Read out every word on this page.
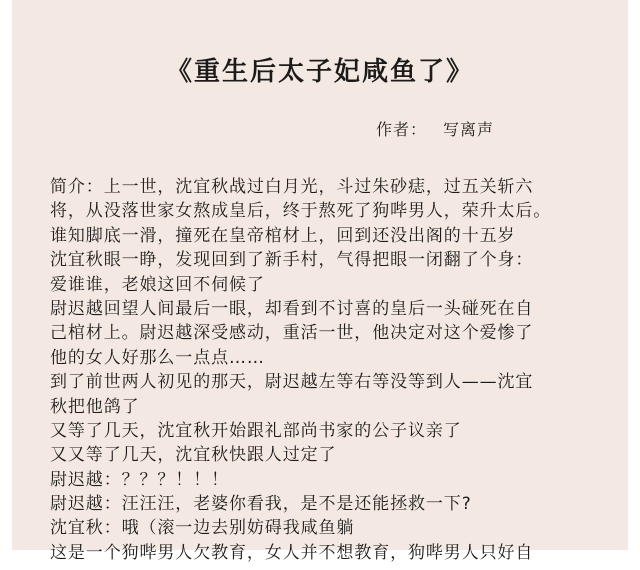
《重生后太子妃咸鱼了》
作者： 写离声
简介：上一世，沈宜秋战过白月光，斗过朱砂痣，过五关斩六
将，从没落世家女熬成皇后，终于熬死了狗哔男人，荣升太后。
谁知脚底一滑，撞死在皇帝棺材上，回到还没出阁的十五岁
沈宜秋眼一睁，发现回到了新手村，气得把眼一闭翻了个身：
爱谁谁，老娘这回不伺候了
尉迟越回望人间最后一眼，却看到不讨喜的皇后一头碰死在自
己棺材上。尉迟越深受感动，重活一世，他决定对这个爱惨了
他的女人好那么一点点……
到了前世两人初见的那天，尉迟越左等右等没等到人——沈宜
秋把他鸽了
又等了几天，沈宜秋开始跟礼部尚书家的公子议亲了
又又等了几天，沈宜秋快跟人过定了
尉迟越：？？？！！！
尉迟越：汪汪汪，老婆你看我，是不是还能拯救一下?
沈宜秋：哦（滚一边去别妨碍我咸鱼躺
这是一个狗哔男人欠教育，女人并不想教育，狗哔男人只好自
